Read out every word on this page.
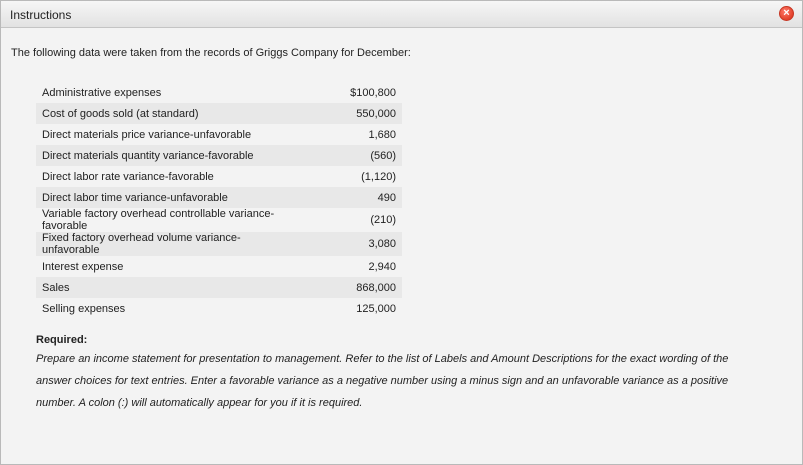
Instructions	×
The following data were taken from the records of Griggs Company for December:
Administrative expenses	$100,800
Cost of goods sold (at standard)	550,000
Direct materials price variance-unfavorable	1,680
Direct materials quantity variance-favorable	(560)
Direct labor rate variance-favorable	(1,120)
Direct labor time variance-unfavorable	490
Variable factory overhead controllable variance-favorable	(210)
Fixed factory overhead volume variance-unfavorable	3,080
Interest expense	2,940
Sales	868,000
Selling expenses	125,000
Required:
Prepare an income statement for presentation to management. Refer to the list of Labels and Amount Descriptions for the exact wording of the answer choices for text entries. Enter a favorable variance as a negative number using a minus sign and an unfavorable variance as a positive number. A colon (:) will automatically appear for you if it is required.
